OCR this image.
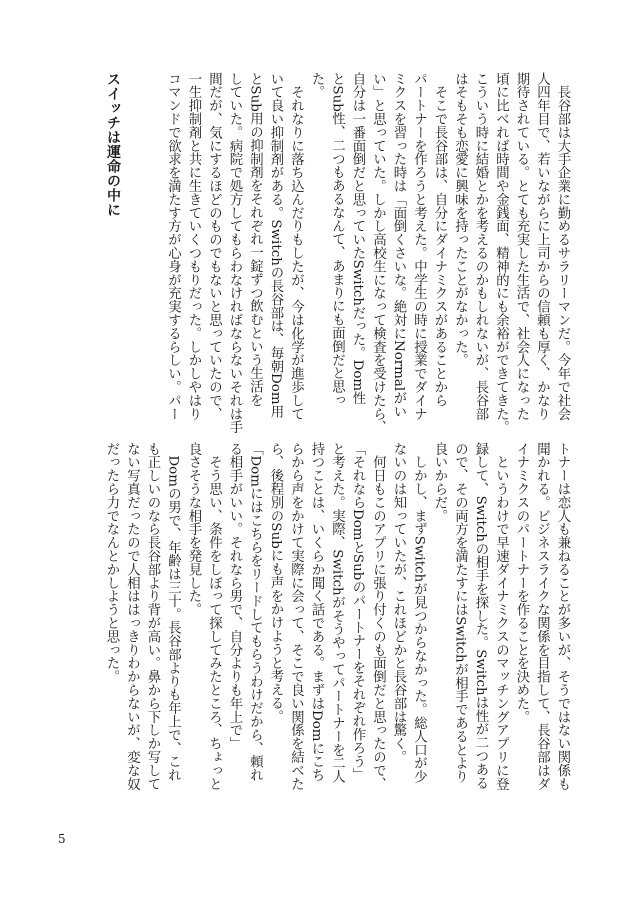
スイッチは運命の中に	　長谷部は大手企業に勤めるサラリーマンだ。今年で社会

人四年目で、若いながらに上司からの信頼も厚く、かなり

期待されている。とても充実した生活で、社会人になった

頃に比べれば時間や金銭面、精神的にも余裕ができてきた。

こういう時に結婚とかを考えるのかもしれないが、長谷部

はそもそも恋愛に興味を持ったことがなかった。

　そこで長谷部は、自分にダイナミクスがあることから

パートナーを作ろうと考えた。中学生の時に授業でダイナ

ミクスを習った時は「面倒くさいな。絶対にNormalがい

い」と思っていた。しかし高校生になって検査を受けたら、

自分は一番面倒だと思っていたSwitchだった。Dom性

とSub性、二つもあるなんて、あまりにも面倒だと思っ

た。

　それなりに落ち込んだりもしたが、今は化学が進歩して

いて良い抑制剤がある。Switchの長谷部は、毎朝Dom用

とSub用の抑制剤をそれぞれ一錠ずつ飲むという生活を

していた。病院で処方してもらわなければならないそれは手

間だが、気にするほどのものでもないと思っていたので、

一生抑制剤と共に生きていくつもりだった。しかしやはり

コマンドで欲求を満たす方が心身が充実するらしい。パー

トナーは恋人も兼ねることが多いが、そうではない関係も

聞かれる。ビジネスライクな関係を目指して、長谷部はダ

イナミクスのパートナーを作ることを決めた。

　というわけで早速ダイナミクスのマッチングアプリに登

録して、Switchの相手を探した。Switchは性が二つある

ので、その両方を満たすにはSwitchが相手であるとより

良いからだ。

　しかし、まずSwitchが見つからなかった。総人口が少

ないのは知っていたが、これほどかと長谷部は驚く。

　何日もこのアプリに張り付くのも面倒だと思ったので、

「それならDomとSubのパートナーをそれぞれ作ろう」

と考えた。実際、Switchがそうやってパートナーを二人

持つことは、いくらか聞く話である。まずはDomにこち

らから声をかけて実際に会って、そこで良い関係を結べた

ら、後程別のSubにも声をかけようと考える。

「Domにはこちらをリードしてもらうわけだから、頼れ

る相手がいい。それなら男で、自分よりも年上で」

　そう思い、条件をしぼって探してみたところ、ちょっと

良さそうな相手を発見した。

　Domの男で、年齢は三十。長谷部よりも年上で、これ

も正しいのなら長谷部より背が高い。鼻から下しか写して

ない写真だったので人相ははっきりわからないが、変な奴

だったら力でなんとかしようと思った。

5
